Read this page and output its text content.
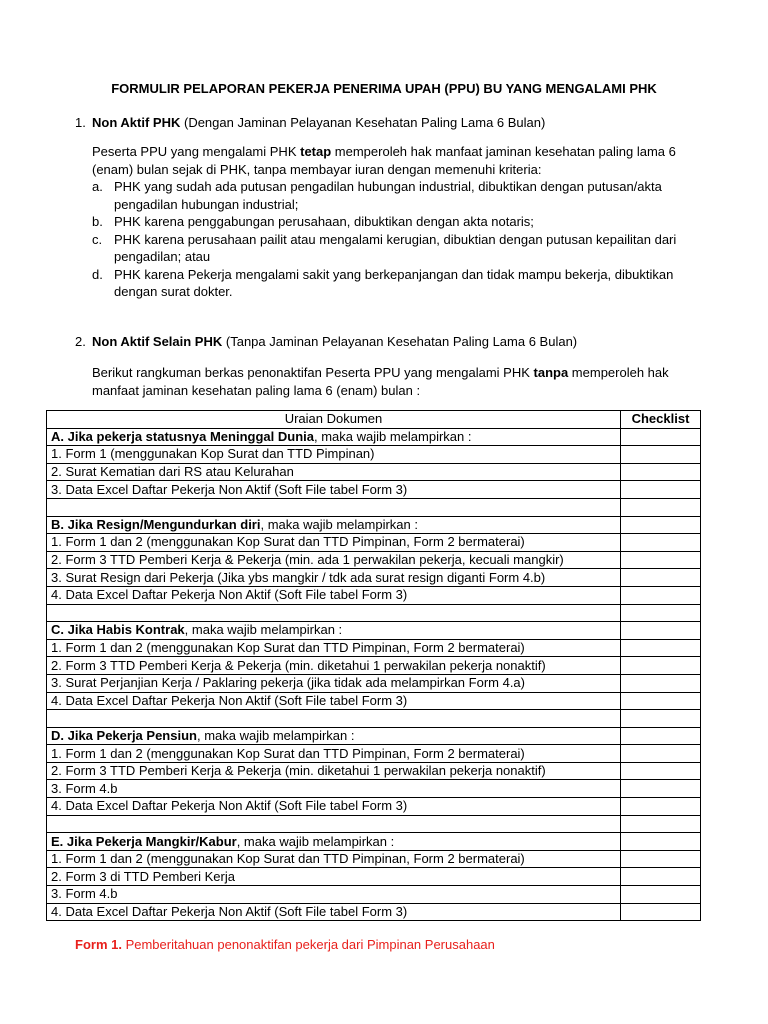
FORMULIR PELAPORAN PEKERJA PENERIMA UPAH (PPU) BU YANG MENGALAMI PHK
1. Non Aktif PHK (Dengan Jaminan Pelayanan Kesehatan Paling Lama 6 Bulan)
Peserta PPU yang mengalami PHK tetap memperoleh hak manfaat jaminan kesehatan paling lama 6 (enam) bulan sejak di PHK, tanpa membayar iuran dengan memenuhi kriteria:
a. PHK yang sudah ada putusan pengadilan hubungan industrial, dibuktikan dengan putusan/akta pengadilan hubungan industrial;
b. PHK karena penggabungan perusahaan, dibuktikan dengan akta notaris;
c. PHK karena perusahaan pailit atau mengalami kerugian, dibuktian dengan putusan kepailitan dari pengadilan; atau
d. PHK karena Pekerja mengalami sakit yang berkepanjangan dan tidak mampu bekerja, dibuktikan dengan surat dokter.
2. Non Aktif Selain PHK (Tanpa Jaminan Pelayanan Kesehatan Paling Lama 6 Bulan)
Berikut rangkuman berkas penonaktifan Peserta PPU yang mengalami PHK tanpa memperoleh hak manfaat jaminan kesehatan paling lama 6 (enam) bulan :
Uraian Dokumen	Checklist
A. Jika pekerja statusnya Meninggal Dunia, maka wajib melampirkan :	
1. Form 1 (menggunakan Kop Surat dan TTD Pimpinan)	
2. Surat Kematian dari RS atau Kelurahan	
3. Data Excel Daftar Pekerja Non Aktif (Soft File tabel Form 3)	

B. Jika Resign/Mengundurkan diri, maka wajib melampirkan :	
1. Form 1 dan 2 (menggunakan Kop Surat dan TTD Pimpinan, Form 2 bermaterai)	
2. Form 3 TTD Pemberi Kerja & Pekerja (min. ada 1 perwakilan pekerja, kecuali mangkir)	
3. Surat Resign dari Pekerja (Jika ybs mangkir / tdk ada surat resign diganti Form 4.b)	
4. Data Excel Daftar Pekerja Non Aktif (Soft File tabel Form 3)	

C. Jika Habis Kontrak, maka wajib melampirkan :	
1. Form 1 dan 2 (menggunakan Kop Surat dan TTD Pimpinan, Form 2 bermaterai)	
2. Form 3 TTD Pemberi Kerja & Pekerja (min. diketahui 1 perwakilan pekerja nonaktif)	
3. Surat Perjanjian Kerja / Paklaring pekerja (jika tidak ada melampirkan Form 4.a)	
4. Data Excel Daftar Pekerja Non Aktif (Soft File tabel Form 3)	

D. Jika Pekerja Pensiun, maka wajib melampirkan :	
1. Form 1 dan 2 (menggunakan Kop Surat dan TTD Pimpinan, Form 2 bermaterai)	
2. Form 3 TTD Pemberi Kerja & Pekerja (min. diketahui 1 perwakilan pekerja nonaktif)	
3. Form 4.b	
4. Data Excel Daftar Pekerja Non Aktif (Soft File tabel Form 3)	

E. Jika Pekerja Mangkir/Kabur, maka wajib melampirkan :	
1. Form 1 dan 2 (menggunakan Kop Surat dan TTD Pimpinan, Form 2 bermaterai)	
2. Form 3 di TTD Pemberi Kerja	
3. Form 4.b	
4. Data Excel Daftar Pekerja Non Aktif (Soft File tabel Form 3)	
Form 1. Pemberitahuan penonaktifan pekerja dari Pimpinan Perusahaan
